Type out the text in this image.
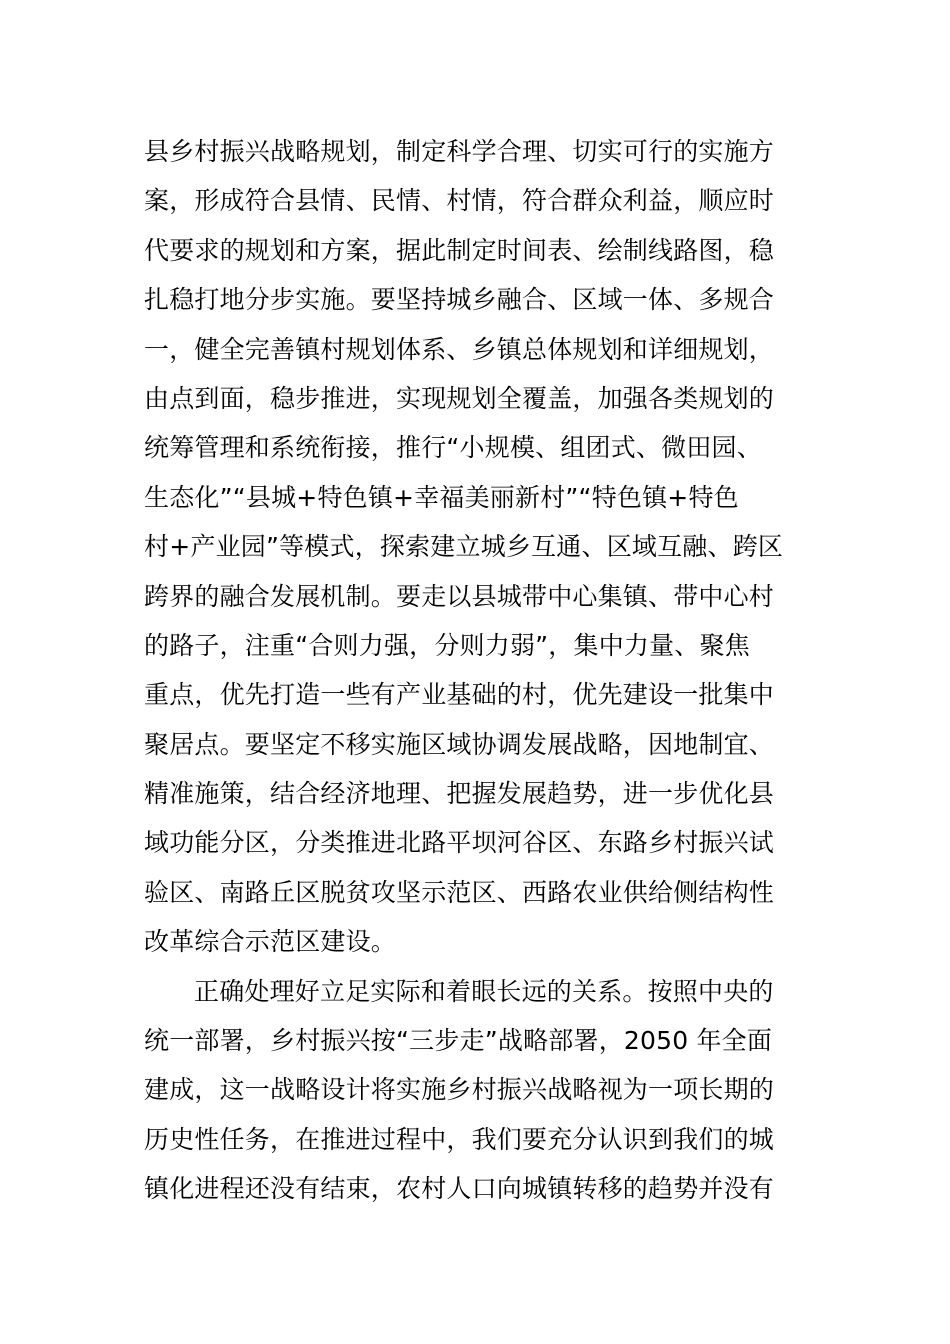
县乡村振兴战略规划，制定科学合理、切实可行的实施方
案，形成符合县情、民情、村情，符合群众利益，顺应时
代要求的规划和方案，据此制定时间表、绘制线路图，稳
扎稳打地分步实施。要坚持城乡融合、区域一体、多规合
一，健全完善镇村规划体系、乡镇总体规划和详细规划，
由点到面，稳步推进，实现规划全覆盖，加强各类规划的
统筹管理和系统衔接，推行“小规模、组团式、微田园、
生态化”“县城+特色镇+幸福美丽新村”“特色镇+特色
村+产业园”等模式，探索建立城乡互通、区域互融、跨区
跨界的融合发展机制。要走以县城带中心集镇、带中心村
的路子，注重“合则力强，分则力弱”，集中力量、聚焦
重点，优先打造一些有产业基础的村，优先建设一批集中
聚居点。要坚定不移实施区域协调发展战略，因地制宜、
精准施策，结合经济地理、把握发展趋势，进一步优化县
域功能分区，分类推进北路平坝河谷区、东路乡村振兴试
验区、南路丘区脱贫攻坚示范区、西路农业供给侧结构性
改革综合示范区建设。

正确处理好立足实际和着眼长远的关系。按照中央的
统一部署，乡村振兴按“三步走”战略部署，2050 年全面
建成，这一战略设计将实施乡村振兴战略视为一项长期的
历史性任务，在推进过程中，我们要充分认识到我们的城
镇化进程还没有结束，农村人口向城镇转移的趋势并没有
